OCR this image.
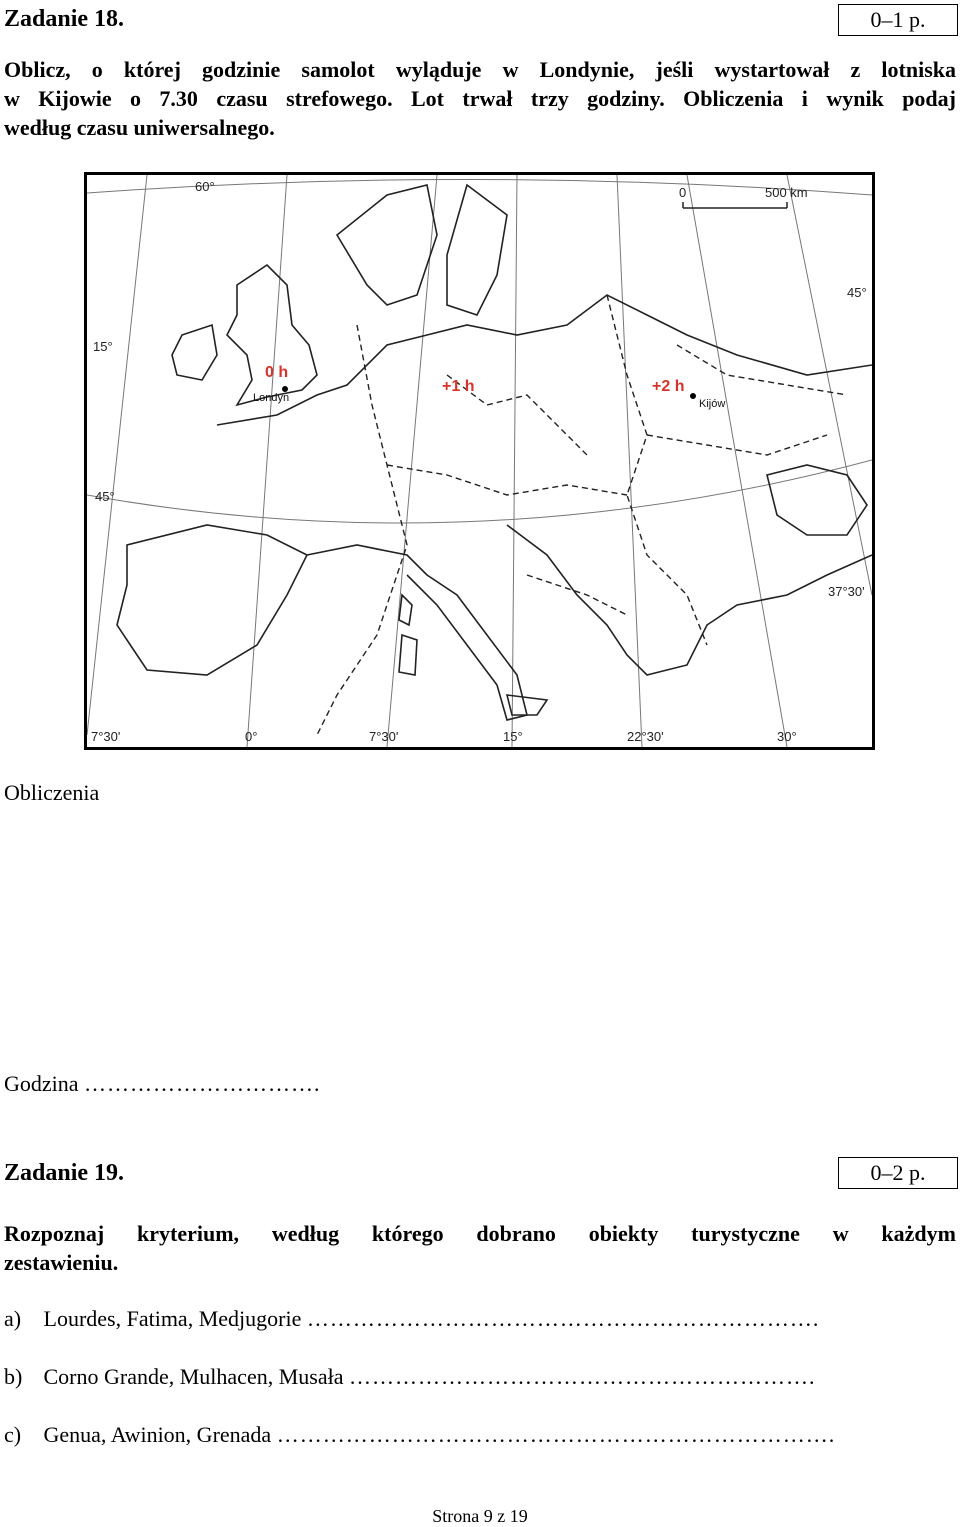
Zadanie 18.	0–1 p.
Oblicz, o której godzinie samolot wyląduje w Londynie, jeśli wystartował z lotniska
w Kijowie o 7.30 czasu strefowego. Lot trwał trzy godziny. Obliczenia i wynik podaj
według czasu uniwersalnego.
0	500 km
60°
45°
45°
15°
37°30'
7°30'	0°	7°30'	15°	22°30'	30°
0 h
+1 h	+2 h
Londyn	Kijów
Obliczenia
Godzina ………………………….
Zadanie 19.	0–2 p.
Rozpoznaj kryterium, według którego dobrano obiekty turystyczne w każdym
zestawieniu.
a) Lourdes, Fatima, Medjugorie ………………………………………………………….
b) Corno Grande, Mulhacen, Musała …………………………………………………….
c) Genua, Awinion, Grenada ……………………………………………………………….
Strona 9 z 19
